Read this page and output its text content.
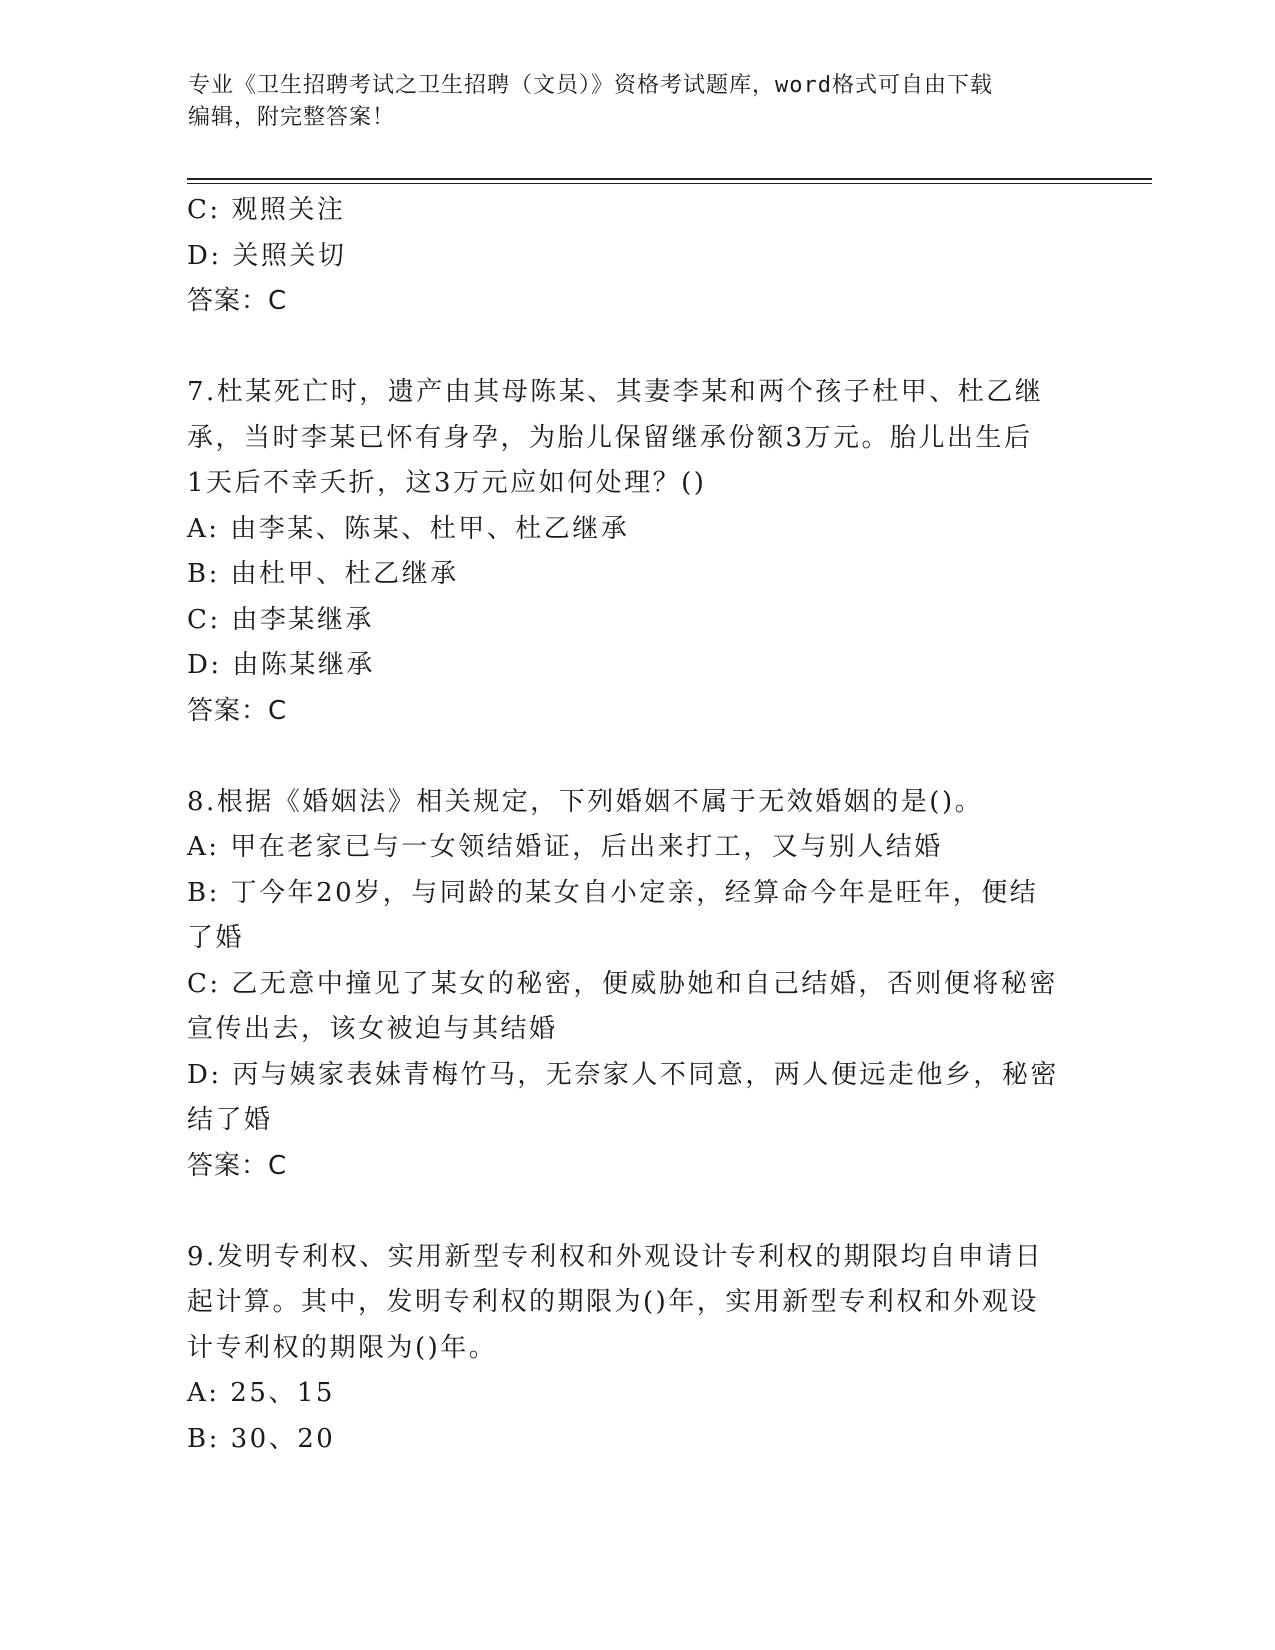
专业《卫生招聘考试之卫生招聘（文员）》资格考试题库，word格式可自由下载
编辑，附完整答案！
C: 观照关注
D: 关照关切
答案：C
7.杜某死亡时，遗产由其母陈某、其妻李某和两个孩子杜甲、杜乙继
承，当时李某已怀有身孕，为胎儿保留继承份额3万元。胎儿出生后
1天后不幸夭折，这3万元应如何处理？()
A: 由李某、陈某、杜甲、杜乙继承
B: 由杜甲、杜乙继承
C: 由李某继承
D: 由陈某继承
答案：C
8.根据《婚姻法》相关规定，下列婚姻不属于无效婚姻的是()。
A: 甲在老家已与一女领结婚证，后出来打工，又与别人结婚
B: 丁今年20岁，与同龄的某女自小定亲，经算命今年是旺年，便结
了婚
C: 乙无意中撞见了某女的秘密，便威胁她和自己结婚，否则便将秘密
宣传出去，该女被迫与其结婚
D: 丙与姨家表妹青梅竹马，无奈家人不同意，两人便远走他乡，秘密
结了婚
答案：C
9.发明专利权、实用新型专利权和外观设计专利权的期限均自申请日
起计算。其中，发明专利权的期限为()年，实用新型专利权和外观设
计专利权的期限为()年。
A: 25、15
B: 30、20
